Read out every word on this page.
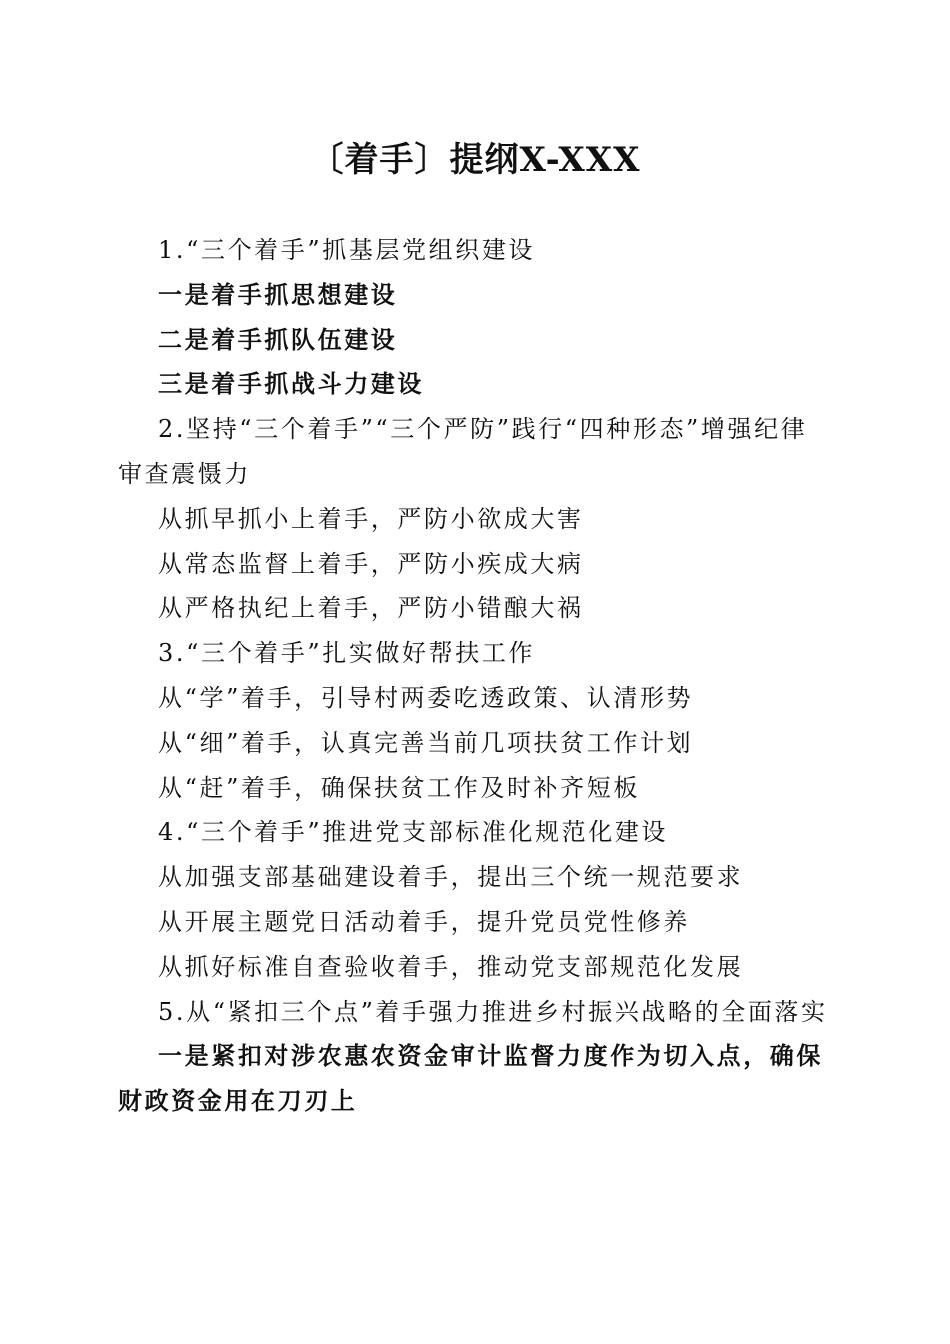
〔着手〕提纲X-XXX
1.“三个着手”抓基层党组织建设
一是着手抓思想建设
二是着手抓队伍建设
三是着手抓战斗力建设
2.坚持“三个着手”“三个严防”践行“四种形态”增强纪律审查震慑力
从抓早抓小上着手，严防小欲成大害
从常态监督上着手，严防小疾成大病
从严格执纪上着手，严防小错酿大祸
3.“三个着手”扎实做好帮扶工作
从“学”着手，引导村两委吃透政策、认清形势
从“细”着手，认真完善当前几项扶贫工作计划
从“赶”着手，确保扶贫工作及时补齐短板
4.“三个着手”推进党支部标准化规范化建设
从加强支部基础建设着手，提出三个统一规范要求
从开展主题党日活动着手，提升党员党性修养
从抓好标准自查验收着手，推动党支部规范化发展
5.从“紧扣三个点”着手强力推进乡村振兴战略的全面落实
一是紧扣对涉农惠农资金审计监督力度作为切入点，确保财政资金用在刀刃上
